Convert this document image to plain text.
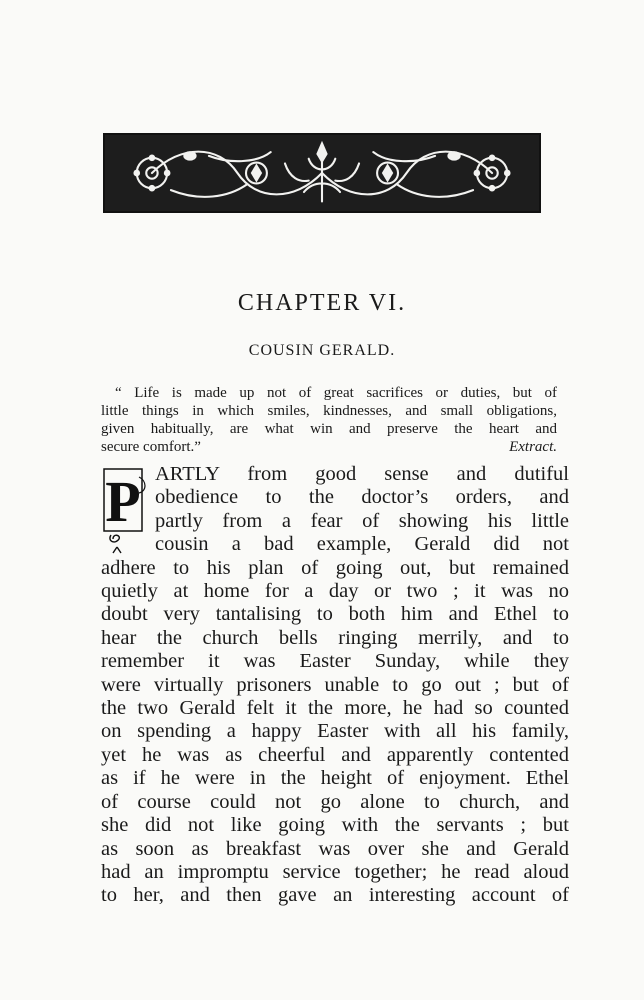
CHAPTER VI.
COUSIN GERALD.
“ Life is made up not of great sacrifices or duties, but of
little things in which smiles, kindnesses, and small obligations,
given habitually, are what win and preserve the heart and
secure comfort.”	Extract.
P ARTLY from good sense and dutiful
obedience to the doctor’s orders, and
partly from a fear of showing his little
cousin a bad example, Gerald did not
adhere to his plan of going out, but remained
quietly at home for a day or two ; it was no
doubt very tantalising to both him and Ethel to
hear the church bells ringing merrily, and to
remember it was Easter Sunday, while they
were virtually prisoners unable to go out ; but of
the two Gerald felt it the more, he had so counted
on spending a happy Easter with all his family,
yet he was as cheerful and apparently contented
as if he were in the height of enjoyment. Ethel
of course could not go alone to church, and
she did not like going with the servants ; but
as soon as breakfast was over she and Gerald
had an impromptu service together; he read aloud
to her, and then gave an interesting account of
